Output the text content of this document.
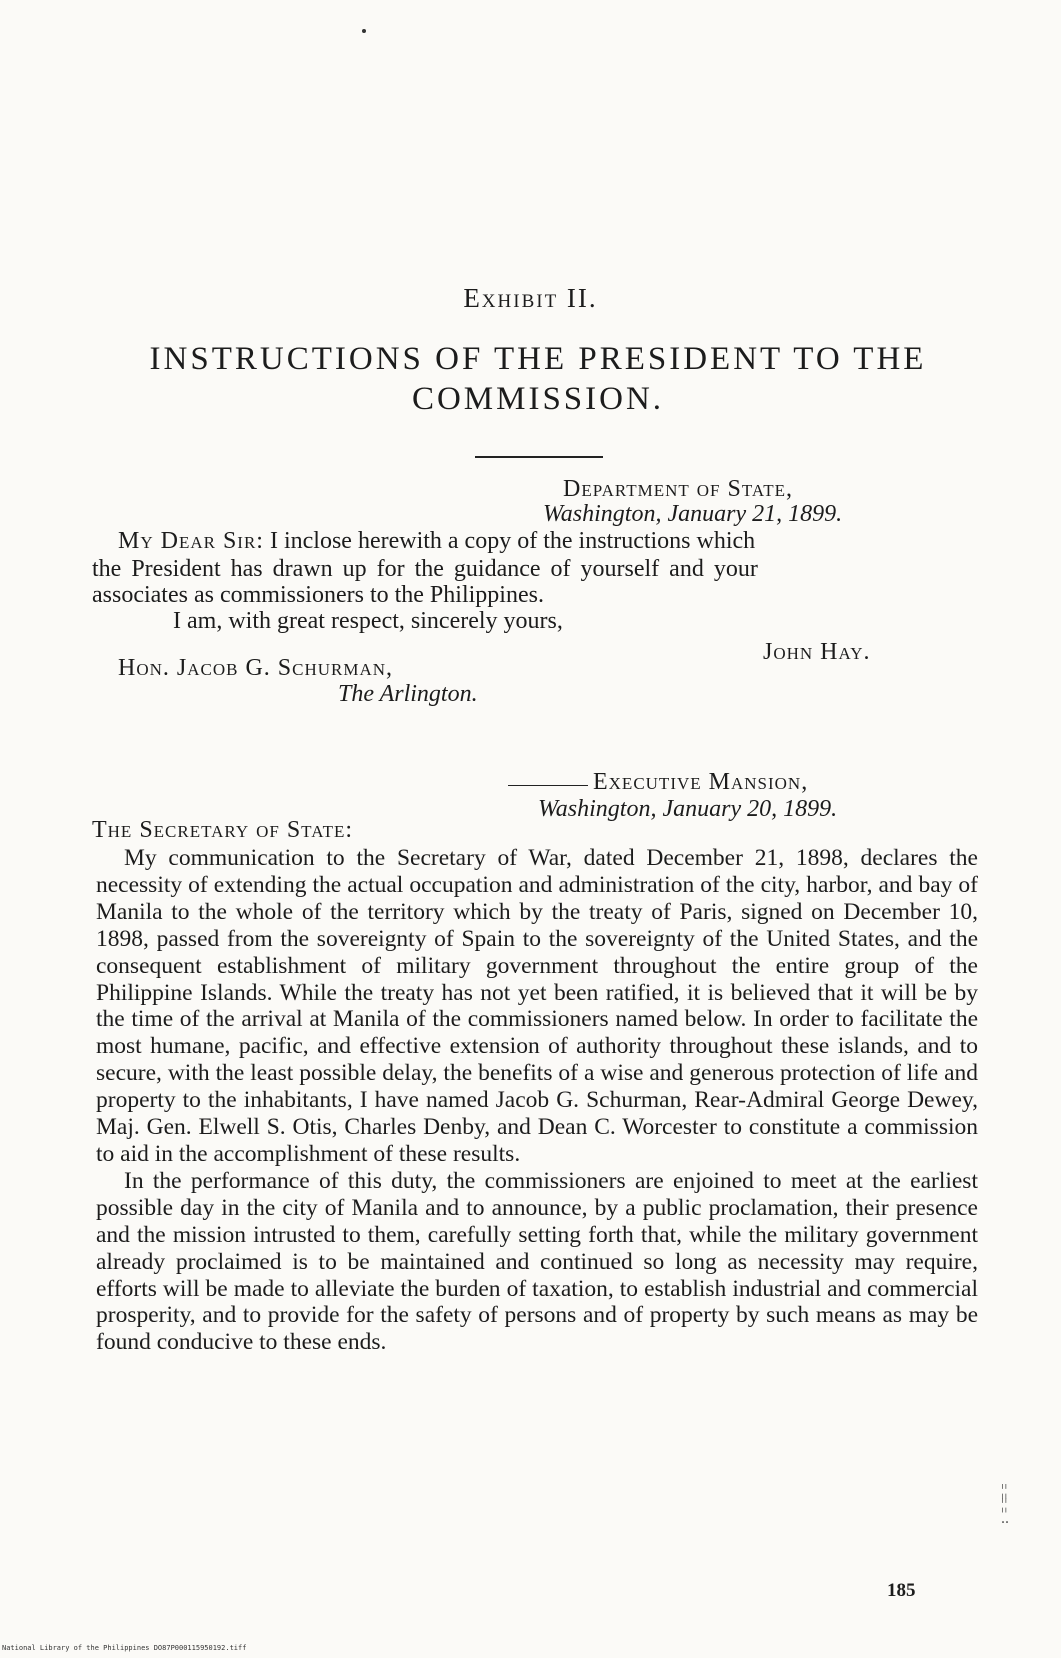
Exhibit II.
INSTRUCTIONS OF THE PRESIDENT TO THE
COMMISSION.
Department of State,
Washington, January 21, 1899.
My Dear Sir: I inclose herewith a copy of the instructions which
the President has drawn up for the guidance of yourself and your
associates as commissioners to the Philippines.
I am, with great respect, sincerely yours,
John Hay.
Hon. Jacob G. Schurman,
The Arlington.
Executive Mansion,
Washington, January 20, 1899.
The Secretary of State:

My communication to the Secretary of War, dated December 21, 1898, declares the necessity of extending the actual occupation and administration of the city, harbor, and bay of Manila to the whole of the territory which by the treaty of Paris, signed on December 10, 1898, passed from the sovereignty of Spain to the sovereignty of the United States, and the consequent establishment of military government throughout the entire group of the Philippine Islands. While the treaty has not yet been ratified, it is believed that it will be by the time of the arrival at Manila of the commissioners named below. In order to facilitate the most humane, pacific, and effective extension of authority throughout these islands, and to secure, with the least possible delay, the benefits of a wise and generous protection of life and property to the inhabitants, I have named Jacob G. Schurman, Rear-Admiral George Dewey, Maj. Gen. Elwell S. Otis, Charles Denby, and Dean C. Worcester to constitute a commission to aid in the accomplishment of these results.

In the performance of this duty, the commissioners are enjoined to meet at the earliest possible day in the city of Manila and to announce, by a public proclamation, their presence and the mission intrusted to them, carefully setting forth that, while the military government already proclaimed is to be maintained and continued so long as necessity may require, efforts will be made to alleviate the burden of taxation, to establish industrial and commercial prosperity, and to provide for the safety of persons and of property by such means as may be found conducive to these ends.

¦¦
¦¦
..
185
National Library of the Philippines DO87P000115950192.tiff
